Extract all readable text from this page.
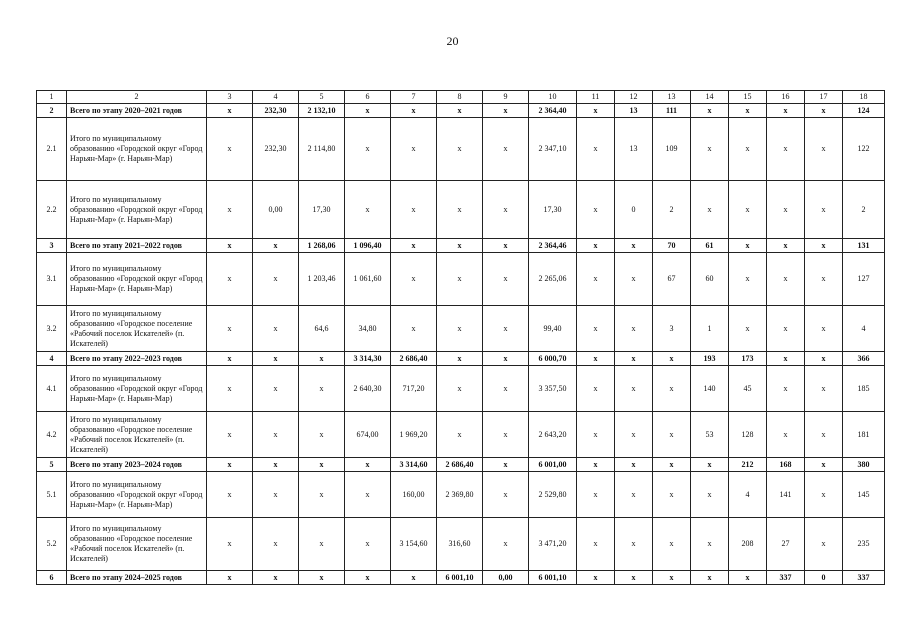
20
1	2	3	4	5	6	7	8	9	10	11	12	13	14	15	16	17	18
2	Всего по этапу 2020–2021 годов	x	232,30	2 132,10	x	x	x	x	2 364,40	x	13	111	x	x	x	x	124
2.1	Итого по муниципальному образованию «Городской округ «Город Нарьян-Мар» (г. Нарьян-Мар)	x	232,30	2 114,80	x	x	x	x	2 347,10	x	13	109	x	x	x	x	122
2.2	Итого по муниципальному образованию «Городской округ «Город Нарьян-Мар» (г. Нарьян-Мар)	x	0,00	17,30	x	x	x	x	17,30	x	0	2	x	x	x	x	2
3	Всего по этапу 2021–2022 годов	x	x	1 268,06	1 096,40	x	x	x	2 364,46	x	x	70	61	x	x	x	131
3.1	Итого по муниципальному образованию «Городской округ «Город Нарьян-Мар» (г. Нарьян-Мар)	x	x	1 203,46	1 061,60	x	x	x	2 265,06	x	x	67	60	x	x	x	127
3.2	Итого по муниципальному образованию «Городское поселение «Рабочий поселок Искателей» (п. Искателей)	x	x	64,6	34,80	x	x	x	99,40	x	x	3	1	x	x	x	4
4	Всего по этапу 2022–2023 годов	x	x	x	3 314,30	2 686,40	x	x	6 000,70	x	x	x	193	173	x	x	366
4.1	Итого по муниципальному образованию «Городской округ «Город Нарьян-Мар» (г. Нарьян-Мар)	x	x	x	2 640,30	717,20	x	x	3 357,50	x	x	x	140	45	x	x	185
4.2	Итого по муниципальному образованию «Городское поселение «Рабочий поселок Искателей» (п. Искателей)	x	x	x	674,00	1 969,20	x	x	2 643,20	x	x	x	53	128	x	x	181
5	Всего по этапу 2023–2024 годов	x	x	x	x	3 314,60	2 686,40	x	6 001,00	x	x	x	x	212	168	x	380
5.1	Итого по муниципальному образованию «Городской округ «Город Нарьян-Мар» (г. Нарьян-Мар)	x	x	x	x	160,00	2 369,80	x	2 529,80	x	x	x	x	4	141	x	145
5.2	Итого по муниципальному образованию «Городское поселение «Рабочий поселок Искателей» (п. Искателей)	x	x	x	x	3 154,60	316,60	x	3 471,20	x	x	x	x	208	27	x	235
6	Всего по этапу 2024–2025 годов	x	x	x	x	x	6 001,10	0,00	6 001,10	x	x	x	x	x	337	0	337
